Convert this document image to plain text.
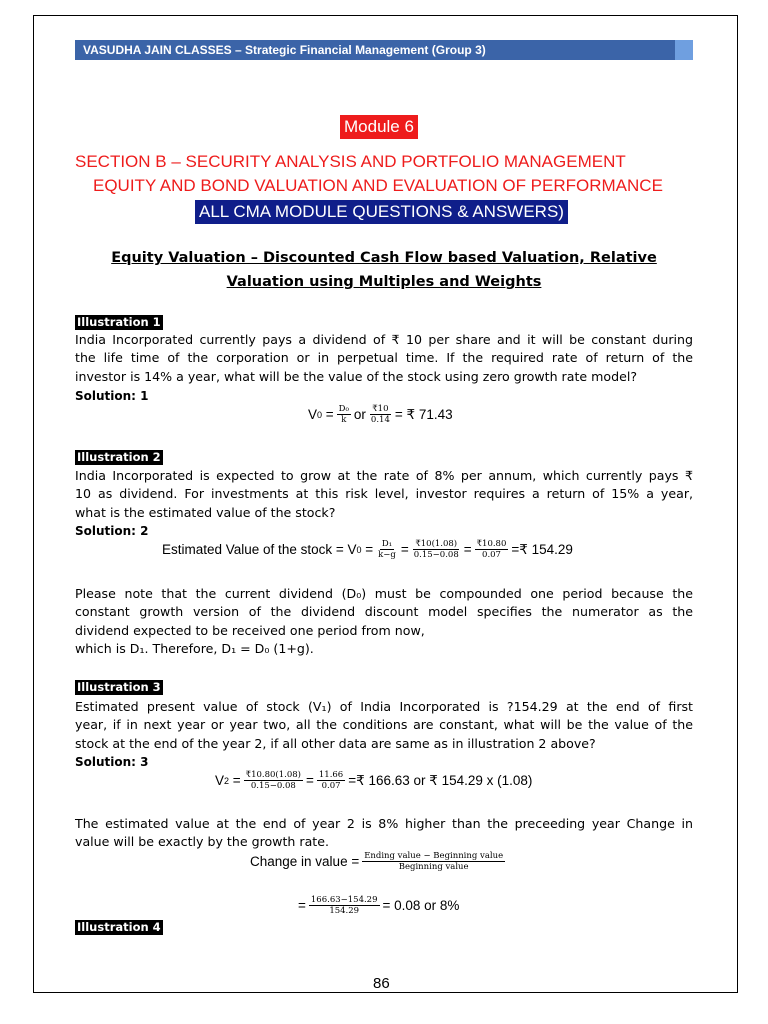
VASUDHA JAIN CLASSES – Strategic Financial Management (Group 3)
Module 6
SECTION B – SECURITY ANALYSIS AND PORTFOLIO MANAGEMENT
EQUITY AND BOND VALUATION AND EVALUATION OF PERFORMANCE
ALL CMA MODULE QUESTIONS & ANSWERS)
Equity Valuation – Discounted Cash Flow based Valuation, Relative
Valuation using Multiples and Weights
Illustration 1
India Incorporated currently pays a dividend of ₹ 10 per share and it will be constant during
the life time of the corporation or in perpetual time. If the required rate of return of the
investor is 14% a year, what will be the value of the stock using zero growth rate model?
Solution: 1
V $0 = \frac{\text{D₀}}{k}$ or $\frac{₹10}{0.14}$ = ₹ 71.43
Illustration 2
India Incorporated is expected to grow at the rate of 8% per annum, which currently pays ₹
10 as dividend. For investments at this risk level, investor requires a return of 15% a year,
what is the estimated value of the stock?
Solution: 2
Estimated Value of the stock = V $0 = \frac{\text{D₁}}{k-g} = \frac{₹10(1.08)}{0.15-0.08} = \frac{₹10.80}{0.07}$ =₹ 154.29
Please note that the current dividend (D₀) must be compounded one period because the
constant growth version of the dividend discount model specifies the numerator as the
dividend expected to be received one period from now,
which is D₁. Therefore, D₁ = D₀ (1+g).
Illustration 3
Estimated present value of stock (V₁) of India Incorporated is ?154.29 at the end of first
year, if in next year or year two, all the conditions are constant, what will be the value of the
stock at the end of the year 2, if all other data are same as in illustration 2 above?
Solution: 3
V $2 = \frac{₹10.80(1.08)}{0.15-0.08} = \frac{11.66}{0.07}$ =₹ 166.63 or ₹ 154.29 x (1.08)
The estimated value at the end of year 2 is 8% higher than the preceeding year Change in
value will be exactly by the growth rate.
Change in value = $\frac{\text{Ending value − Beginning value}}{\text{Beginning value}}$
= $\frac{166.63-154.29}{154.29} = 0.08$ or 8%
Illustration 4
86
